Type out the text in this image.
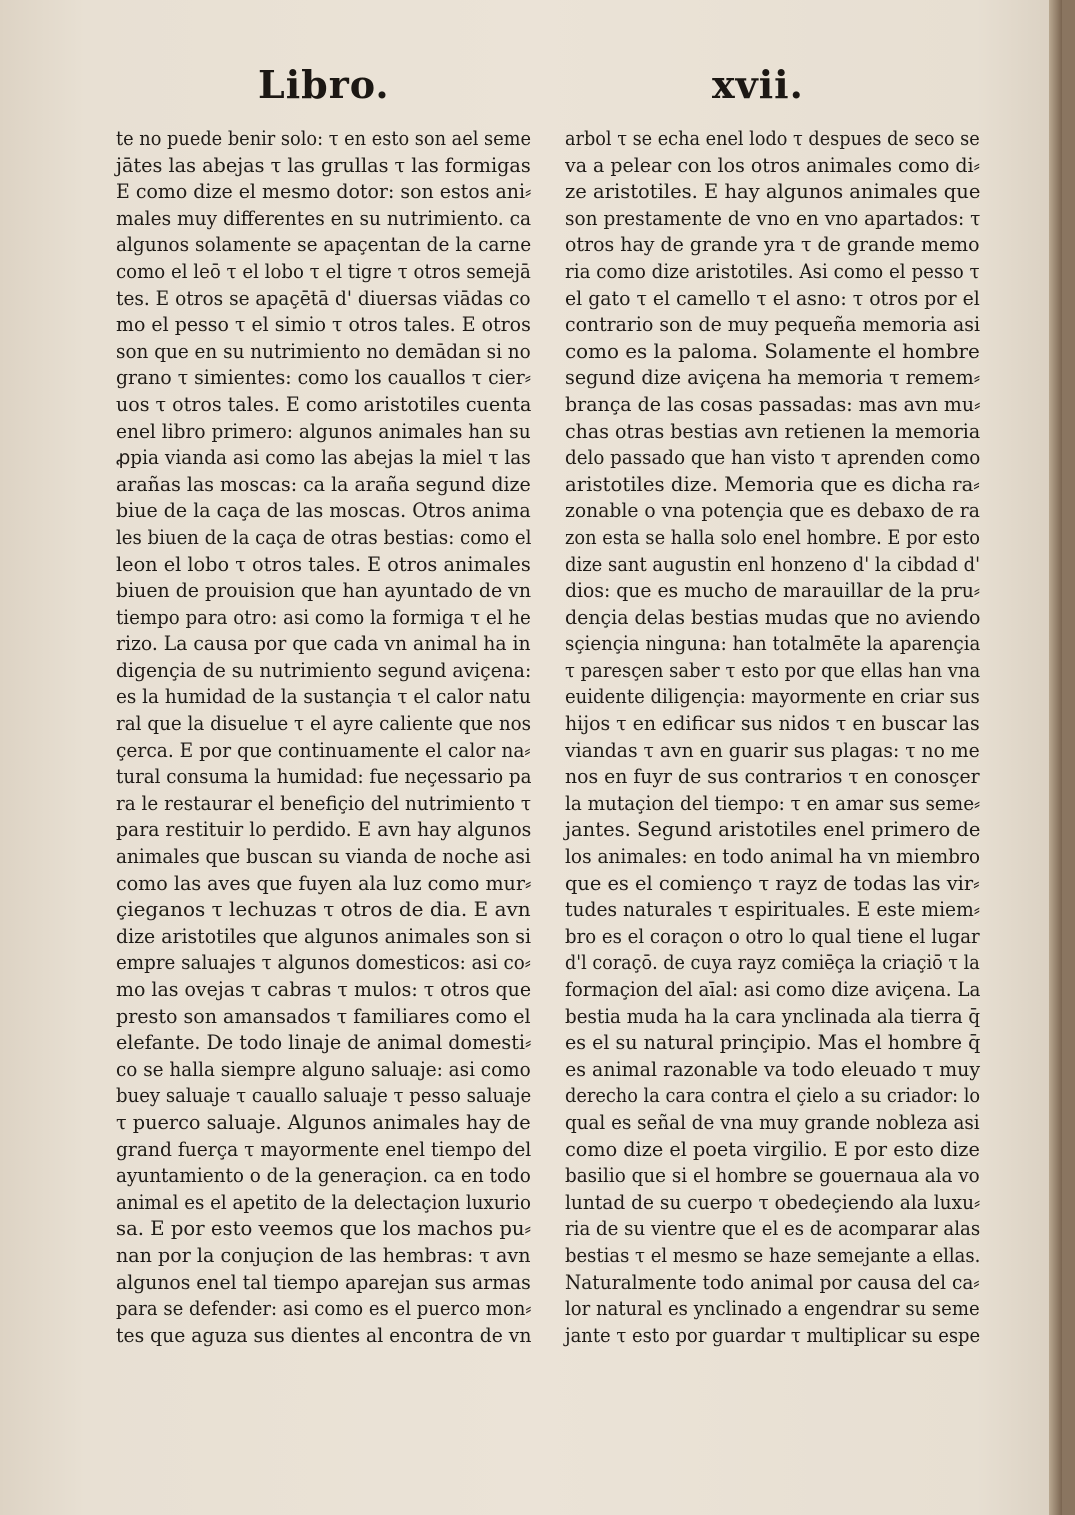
Libro.	xvii.
te no puede benir solo: τ en esto son ael seme
jātes las abejas τ las grullas τ las formigas
E como dize el mesmo dotor: son estos ani⸗
males muy differentes en su nutrimiento. ca
algunos solamente se apaçentan de la carne
como el leō τ el lobo τ el tigre τ otros semejā
tes. E otros se apaçētā d' diuersas viādas co
mo el pesso τ el simio τ otros tales. E otros
son que en su nutrimiento no demādan si no
grano τ simientes: como los cauallos τ cier⸗
uos τ otros tales. E como aristotiles cuenta
enel libro primero: algunos animales han su
ꝓpia vianda asi como las abejas la miel τ las
arañas las moscas: ca la araña segund dize
biue de la caça de las moscas. Otros anima
les biuen de la caça de otras bestias: como el
leon el lobo τ otros tales. E otros animales
biuen de prouision que han ayuntado de vn
tiempo para otro: asi como la formiga τ el he
rizo. La causa por que cada vn animal ha in
digençia de su nutrimiento segund aviçena:
es la humidad de la sustançia τ el calor natu
ral que la disuelue τ el ayre caliente que nos
çerca. E por que continuamente el calor na⸗
tural consuma la humidad: fue neçessario pa
ra le restaurar el benefiçio del nutrimiento τ
para restituir lo perdido. E avn hay algunos
animales que buscan su vianda de noche asi
como las aves que fuyen ala luz como mur⸗
çieganos τ lechuzas τ otros de dia. E avn
dize aristotiles que algunos animales son si
empre saluajes τ algunos domesticos: asi co⸗
mo las ovejas τ cabras τ mulos: τ otros que
presto son amansados τ familiares como el
elefante. De todo linaje de animal domesti⸗
co se halla siempre alguno saluaje: asi como
buey saluaje τ cauallo saluaje τ pesso saluaje
τ puerco saluaje. Algunos animales hay de
grand fuerça τ mayormente enel tiempo del
ayuntamiento o de la generaçion. ca en todo
animal es el apetito de la delectaçion luxurio
sa. E por esto veemos que los machos pu⸗
nan por la conjuçion de las hembras: τ avn
algunos enel tal tiempo aparejan sus armas
para se defender: asi como es el puerco mon⸗
tes que aguza sus dientes al encontra de vn
arbol τ se echa enel lodo τ despues de seco se
va a pelear con los otros animales como di⸗
ze aristotiles. E hay algunos animales que
son prestamente de vno en vno apartados: τ
otros hay de grande yra τ de grande memo
ria como dize aristotiles. Asi como el pesso τ
el gato τ el camello τ el asno: τ otros por el
contrario son de muy pequeña memoria asi
como es la paloma. Solamente el hombre
segund dize aviçena ha memoria τ remem⸗
brança de las cosas passadas: mas avn mu⸗
chas otras bestias avn retienen la memoria
delo passado que han visto τ aprenden como
aristotiles dize. Memoria que es dicha ra⸗
zonable o vna potençia que es debaxo de ra
zon esta se halla solo enel hombre. E por esto
dize sant augustin enl honzeno d' la cibdad d'
dios: que es mucho de marauillar de la pru⸗
dençia delas bestias mudas que no aviendo
sçiençia ninguna: han totalmēte la aparençia
τ paresçen saber τ esto por que ellas han vna
euidente diligençia: mayormente en criar sus
hijos τ en edificar sus nidos τ en buscar las
viandas τ avn en guarir sus plagas: τ no me
nos en fuyr de sus contrarios τ en conosçer
la mutaçion del tiempo: τ en amar sus seme⸗
jantes. Segund aristotiles enel primero de
los animales: en todo animal ha vn miembro
que es el comienço τ rayz de todas las vir⸗
tudes naturales τ espirituales. E este miem⸗
bro es el coraçon o otro lo qual tiene el lugar
d'l coraçō. de cuya rayz comiēça la criaçiō τ la
formaçion del aīal: asi como dize aviçena. La
bestia muda ha la cara ynclinada ala tierra q̄
es el su natural prinçipio. Mas el hombre q̄
es animal razonable va todo eleuado τ muy
derecho la cara contra el çielo a su criador: lo
qual es señal de vna muy grande nobleza asi
como dize el poeta virgilio. E por esto dize
basilio que si el hombre se gouernaua ala vo
luntad de su cuerpo τ obedeçiendo ala luxu⸗
ria de su vientre que el es de acomparar alas
bestias τ el mesmo se haze semejante a ellas.
Naturalmente todo animal por causa del ca⸗
lor natural es ynclinado a engendrar su seme
jante τ esto por guardar τ multiplicar su espe
